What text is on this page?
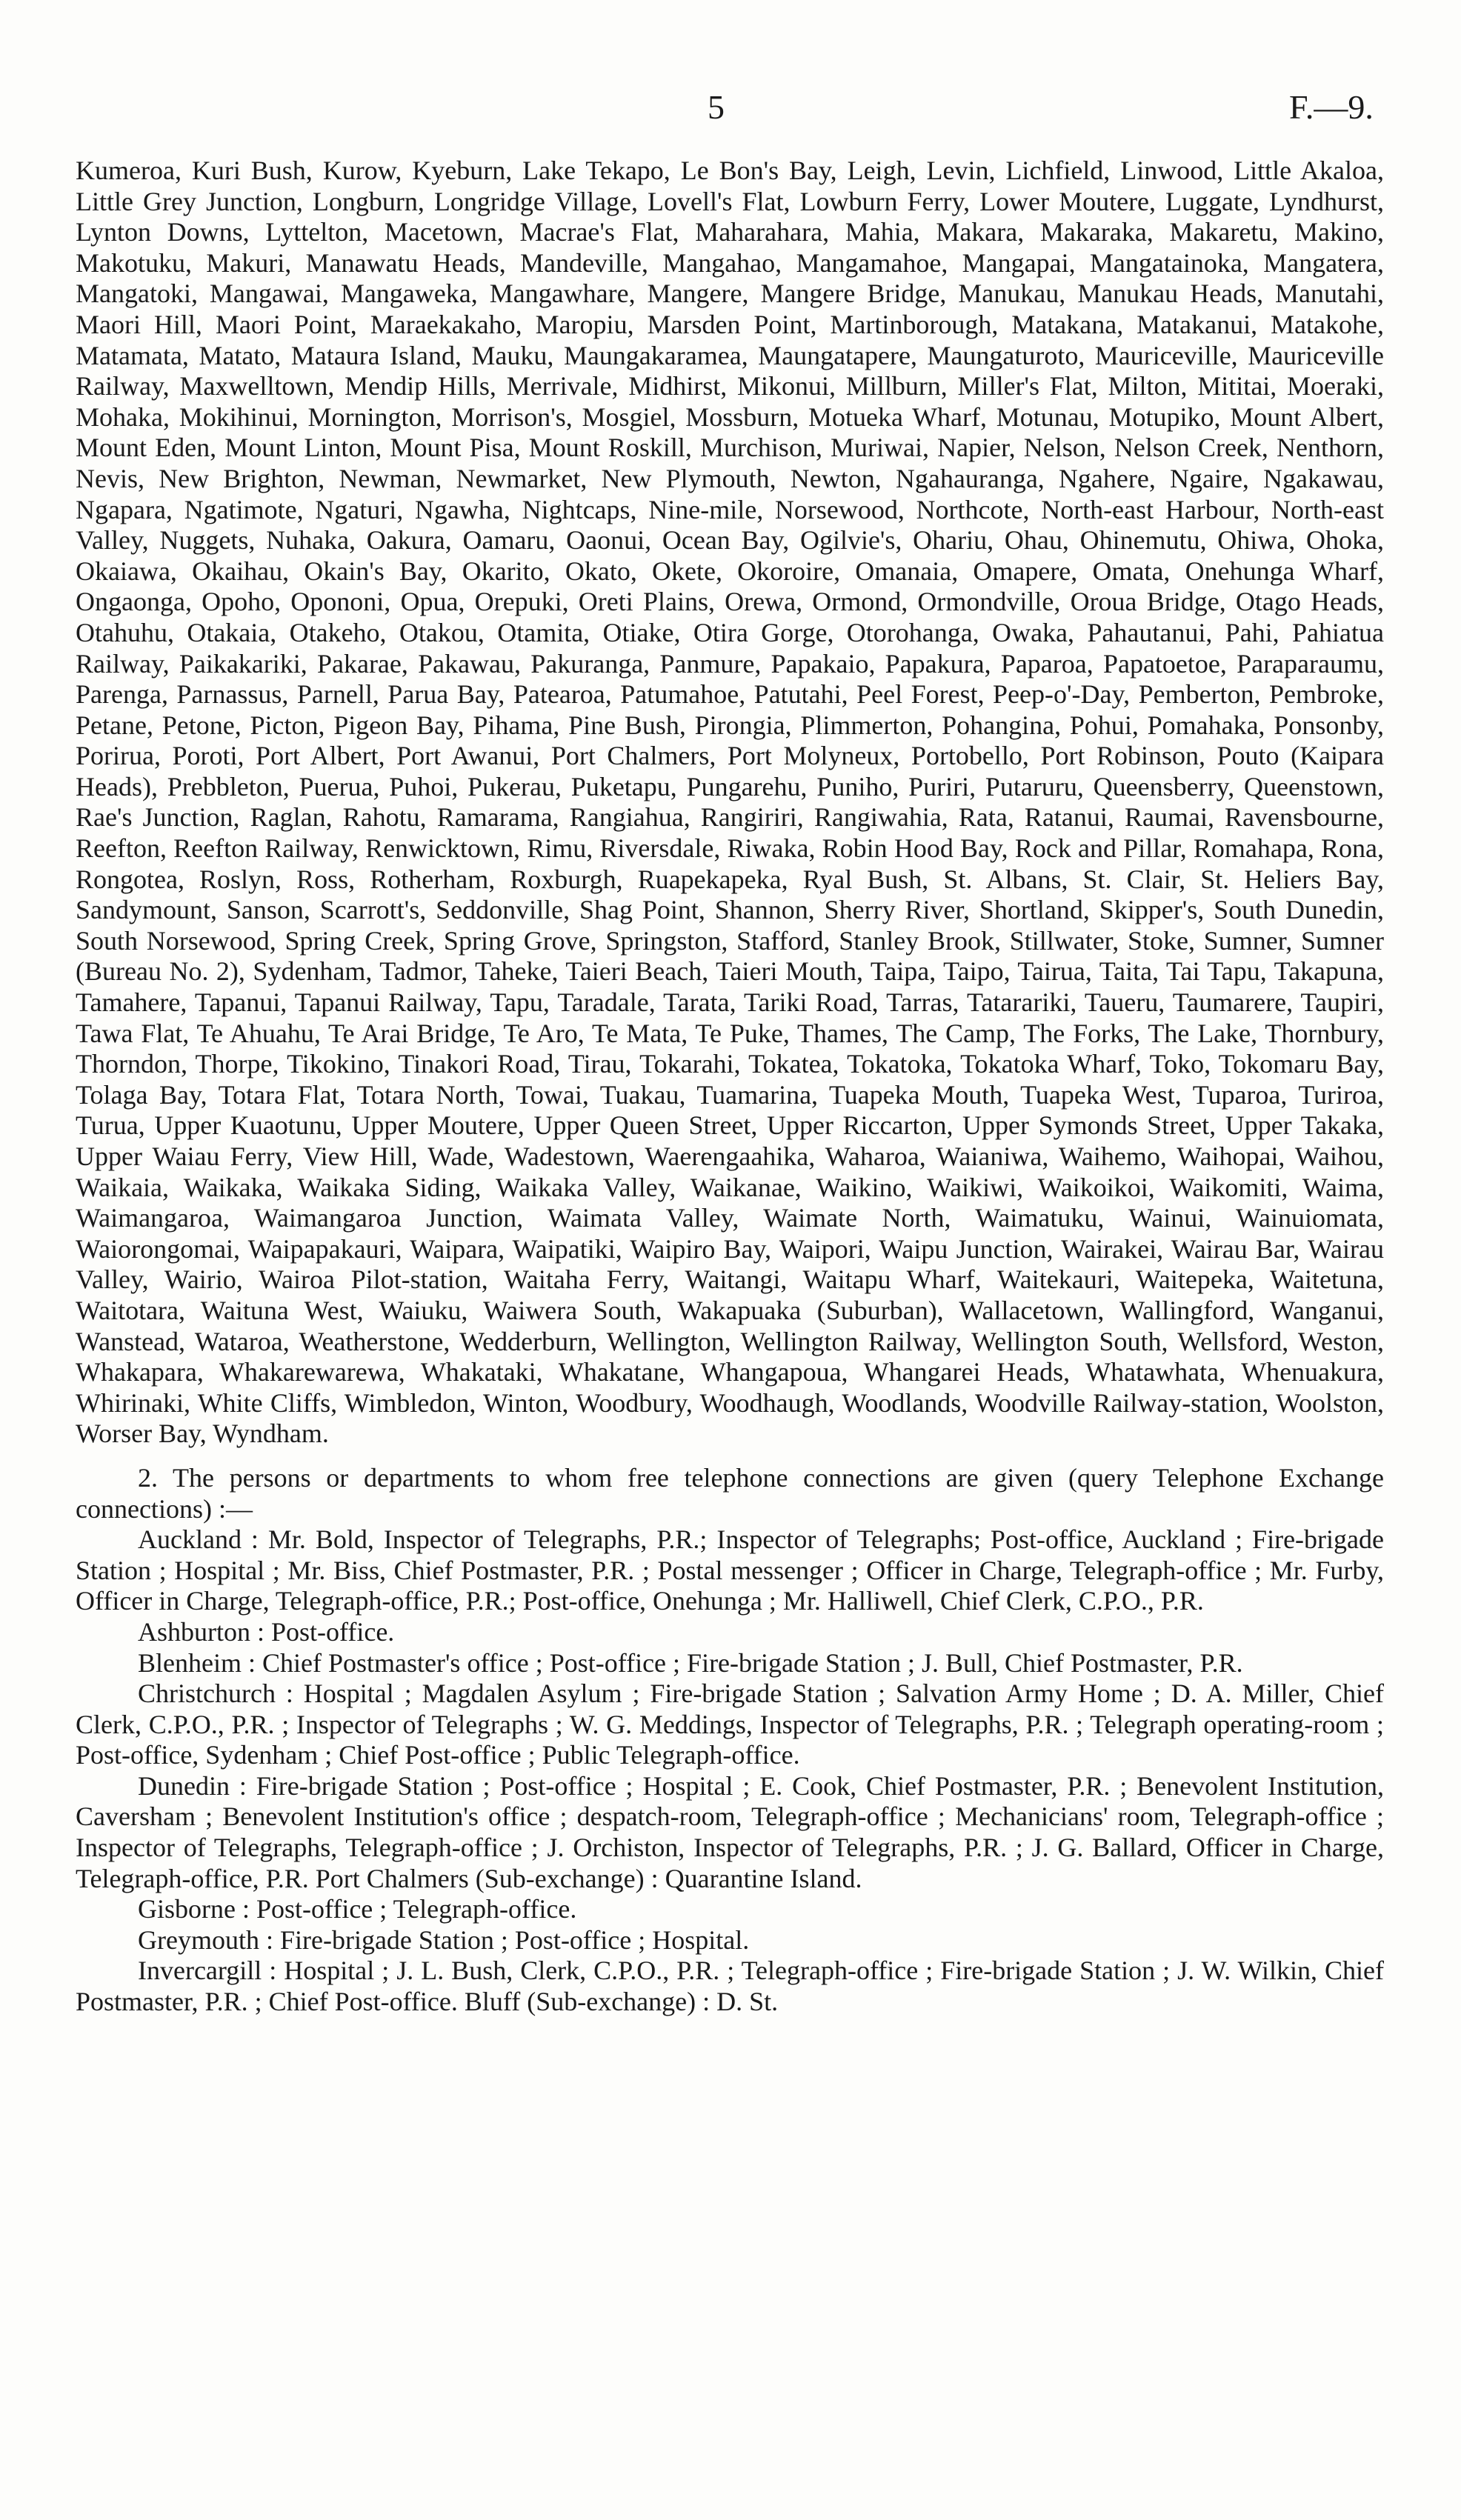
5	F.—9.

Kumeroa, Kuri Bush, Kurow, Kyeburn, Lake Tekapo, Le Bon's Bay, Leigh, Levin, Lichfield, Linwood, Little Akaloa, Little Grey Junction, Longburn, Longridge Village, Lovell's Flat, Lowburn Ferry, Lower Moutere, Luggate, Lyndhurst, Lynton Downs, Lyttelton, Macetown, Macrae's Flat, Maharahara, Mahia, Makara, Makaraka, Makaretu, Makino, Makotuku, Makuri, Manawatu Heads, Mandeville, Mangahao, Mangamahoe, Mangapai, Mangatainoka, Mangatera, Mangatoki, Mangawai, Mangaweka, Mangawhare, Mangere, Mangere Bridge, Manukau, Manukau Heads, Manutahi, Maori Hill, Maori Point, Maraekakaho, Maropiu, Marsden Point, Martinborough, Matakana, Matakanui, Matakohe, Matamata, Matato, Mataura Island, Mauku, Maungakaramea, Maungatapere, Maungaturoto, Mauriceville, Mauriceville Railway, Maxwelltown, Mendip Hills, Merrivale, Midhirst, Mikonui, Millburn, Miller's Flat, Milton, Mititai, Moeraki, Mohaka, Mokihinui, Mornington, Morrison's, Mosgiel, Mossburn, Motueka Wharf, Motunau, Motupiko, Mount Albert, Mount Eden, Mount Linton, Mount Pisa, Mount Roskill, Murchison, Muriwai, Napier, Nelson, Nelson Creek, Nenthorn, Nevis, New Brighton, Newman, Newmarket, New Plymouth, Newton, Ngahauranga, Ngahere, Ngaire, Ngakawau, Ngapara, Ngatimote, Ngaturi, Ngawha, Nightcaps, Nine-mile, Norsewood, Northcote, North-east Harbour, North-east Valley, Nuggets, Nuhaka, Oakura, Oamaru, Oaonui, Ocean Bay, Ogilvie's, Ohariu, Ohau, Ohinemutu, Ohiwa, Ohoka, Okaiawa, Okaihau, Okain's Bay, Okarito, Okato, Okete, Okoroire, Omanaia, Omapere, Omata, Onehunga Wharf, Ongaonga, Opoho, Opononi, Opua, Orepuki, Oreti Plains, Orewa, Ormond, Ormondville, Oroua Bridge, Otago Heads, Otahuhu, Otakaia, Otakeho, Otakou, Otamita, Otiake, Otira Gorge, Otorohanga, Owaka, Pahautanui, Pahi, Pahiatua Railway, Paikakariki, Pakarae, Pakawau, Pakuranga, Panmure, Papakaio, Papakura, Paparoa, Papatoetoe, Paraparaumu, Parenga, Parnassus, Parnell, Parua Bay, Patearoa, Patumahoe, Patutahi, Peel Forest, Peep-o'-Day, Pemberton, Pembroke, Petane, Petone, Picton, Pigeon Bay, Pihama, Pine Bush, Pirongia, Plimmerton, Pohangina, Pohui, Pomahaka, Ponsonby, Porirua, Poroti, Port Albert, Port Awanui, Port Chalmers, Port Molyneux, Portobello, Port Robinson, Pouto (Kaipara Heads), Prebbleton, Puerua, Puhoi, Pukerau, Puketapu, Pungarehu, Puniho, Puriri, Putaruru, Queensberry, Queenstown, Rae's Junction, Raglan, Rahotu, Ramarama, Rangiahua, Rangiriri, Rangiwahia, Rata, Ratanui, Raumai, Ravensbourne, Reefton, Reefton Railway, Renwicktown, Rimu, Riversdale, Riwaka, Robin Hood Bay, Rock and Pillar, Romahapa, Rona, Rongotea, Roslyn, Ross, Rotherham, Roxburgh, Ruapekapeka, Ryal Bush, St. Albans, St. Clair, St. Heliers Bay, Sandymount, Sanson, Scarrott's, Seddonville, Shag Point, Shannon, Sherry River, Shortland, Skipper's, South Dunedin, South Norsewood, Spring Creek, Spring Grove, Springston, Stafford, Stanley Brook, Stillwater, Stoke, Sumner, Sumner (Bureau No. 2), Sydenham, Tadmor, Taheke, Taieri Beach, Taieri Mouth, Taipa, Taipo, Tairua, Taita, Tai Tapu, Takapuna, Tamahere, Tapanui, Tapanui Railway, Tapu, Taradale, Tarata, Tariki Road, Tarras, Tatarariki, Taueru, Taumarere, Taupiri, Tawa Flat, Te Ahuahu, Te Arai Bridge, Te Aro, Te Mata, Te Puke, Thames, The Camp, The Forks, The Lake, Thornbury, Thorndon, Thorpe, Tikokino, Tinakori Road, Tirau, Tokarahi, Tokatea, Tokatoka, Tokatoka Wharf, Toko, Tokomaru Bay, Tolaga Bay, Totara Flat, Totara North, Towai, Tuakau, Tuamarina, Tuapeka Mouth, Tuapeka West, Tuparoa, Turiroa, Turua, Upper Kuaotunu, Upper Moutere, Upper Queen Street, Upper Riccarton, Upper Symonds Street, Upper Takaka, Upper Waiau Ferry, View Hill, Wade, Wadestown, Waerengaahika, Waharoa, Waianiwa, Waihemo, Waihopai, Waihou, Waikaia, Waikaka, Waikaka Siding, Waikaka Valley, Waikanae, Waikino, Waikiwi, Waikoikoi, Waikomiti, Waima, Waimangaroa, Waimangaroa Junction, Waimata Valley, Waimate North, Waimatuku, Wainui, Wainuiomata, Waiorongomai, Waipapakauri, Waipara, Waipatiki, Waipiro Bay, Waipori, Waipu Junction, Wairakei, Wairau Bar, Wairau Valley, Wairio, Wairoa Pilot-station, Waitaha Ferry, Waitangi, Waitapu Wharf, Waitekauri, Waitepeka, Waitetuna, Waitotara, Waituna West, Waiuku, Waiwera South, Wakapuaka (Suburban), Wallacetown, Wallingford, Wanganui, Wanstead, Wataroa, Weatherstone, Wedderburn, Wellington, Wellington Railway, Wellington South, Wellsford, Weston, Whakapara, Whakarewarewa, Whakataki, Whakatane, Whangapoua, Whangarei Heads, Whatawhata, Whenuakura, Whirinaki, White Cliffs, Wimbledon, Winton, Woodbury, Woodhaugh, Woodlands, Woodville Railway-station, Woolston, Worser Bay, Wyndham.

2. The persons or departments to whom free telephone connections are given (query Telephone Exchange connections) :—

Auckland : Mr. Bold, Inspector of Telegraphs, P.R.; Inspector of Telegraphs; Post-office, Auckland ; Fire-brigade Station ; Hospital ; Mr. Biss, Chief Postmaster, P.R. ; Postal messenger ; Officer in Charge, Telegraph-office ; Mr. Furby, Officer in Charge, Telegraph-office, P.R.; Post-office, Onehunga ; Mr. Halliwell, Chief Clerk, C.P.O., P.R.

Ashburton : Post-office.

Blenheim : Chief Postmaster's office ; Post-office ; Fire-brigade Station ; J. Bull, Chief Postmaster, P.R.

Christchurch : Hospital ; Magdalen Asylum ; Fire-brigade Station ; Salvation Army Home ; D. A. Miller, Chief Clerk, C.P.O., P.R. ; Inspector of Telegraphs ; W. G. Meddings, Inspector of Telegraphs, P.R. ; Telegraph operating-room ; Post-office, Sydenham ; Chief Post-office ; Public Telegraph-office.

Dunedin : Fire-brigade Station ; Post-office ; Hospital ; E. Cook, Chief Postmaster, P.R. ; Benevolent Institution, Caversham ; Benevolent Institution's office ; despatch-room, Telegraph-office ; Mechanicians' room, Telegraph-office ; Inspector of Telegraphs, Telegraph-office ; J. Orchiston, Inspector of Telegraphs, P.R. ; J. G. Ballard, Officer in Charge, Telegraph-office, P.R. Port Chalmers (Sub-exchange) : Quarantine Island.

Gisborne : Post-office ; Telegraph-office.

Greymouth : Fire-brigade Station ; Post-office ; Hospital.

Invercargill : Hospital ; J. L. Bush, Clerk, C.P.O., P.R. ; Telegraph-office ; Fire-brigade Station ; J. W. Wilkin, Chief Postmaster, P.R. ; Chief Post-office. Bluff (Sub-exchange) : D. St.
